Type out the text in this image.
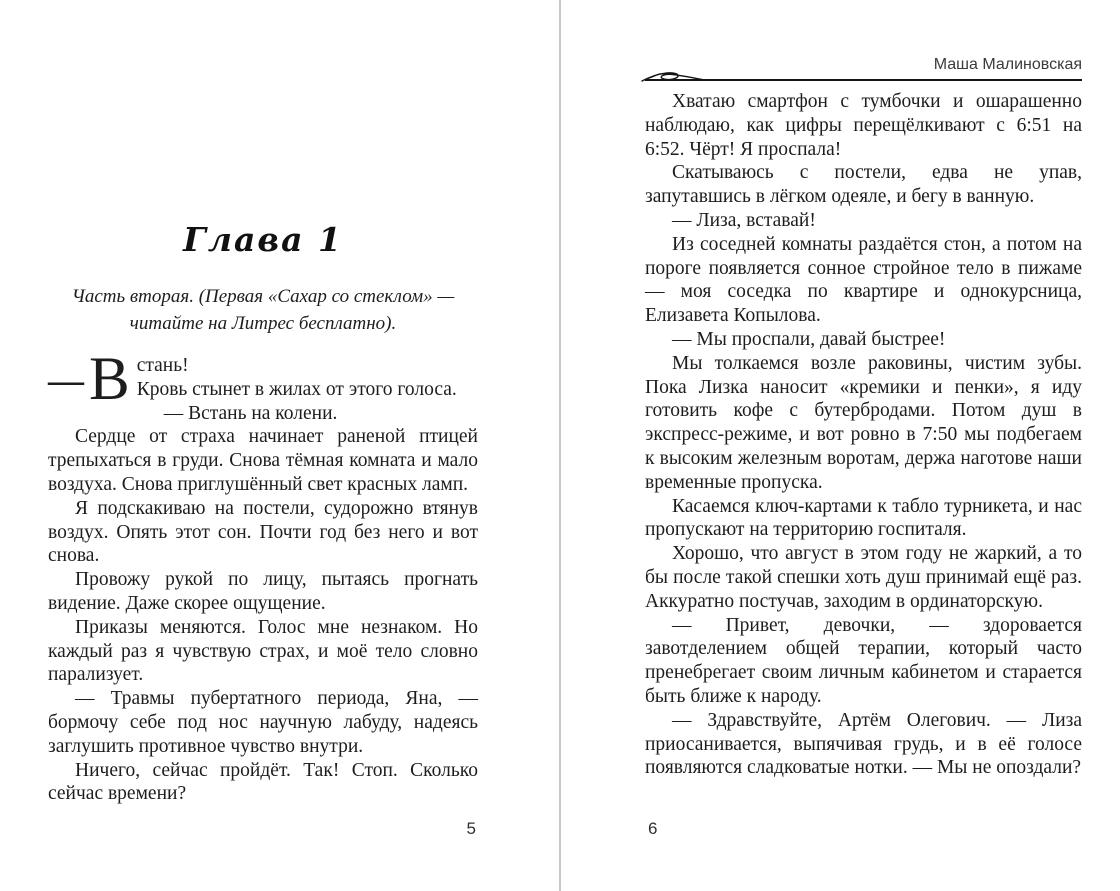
Глава 1
Часть вторая. (Первая «Сахар со стеклом» —
читайте на Литрес бесплатно).
— В стань!
Кровь стынет в жилах от этого голоса.

— Встань на колени.

Сердце от страха начинает раненой птицей трепыхаться в груди. Снова тёмная комната и мало воздуха. Снова приглушённый свет красных ламп.

Я подскакиваю на постели, судорожно втянув воздух. Опять этот сон. Почти год без него и вот снова.

Провожу рукой по лицу, пытаясь прогнать видение. Даже скорее ощущение.

Приказы меняются. Голос мне незнаком. Но каждый раз я чувствую страх, и моё тело словно парализует.

— Травмы пубертатного периода, Яна, — бормочу себе под нос научную лабуду, надеясь заглушить противное чувство внутри.

Ничего, сейчас пройдёт. Так! Стоп. Сколько сейчас времени?

5
Маша Малиновская

Хватаю смартфон с тумбочки и ошарашенно наблюдаю, как цифры перещёлкивают с 6:51 на 6:52. Чёрт! Я проспала!

Скатываюсь с постели, едва не упав, запутавшись в лёгком одеяле, и бегу в ванную.

— Лиза, вставай!

Из соседней комнаты раздаётся стон, а потом на пороге появляется сонное стройное тело в пижаме — моя соседка по квартире и однокурсница, Елизавета Копылова.

— Мы проспали, давай быстрее!

Мы толкаемся возле раковины, чистим зубы. Пока Лизка наносит «кремики и пенки», я иду готовить кофе с бутербродами. Потом душ в экспресс-режиме, и вот ровно в 7:50 мы подбегаем к высоким железным воротам, держа наготове наши временные пропуска.

Касаемся ключ-картами к табло турникета, и нас пропускают на территорию госпиталя.

Хорошо, что август в этом году не жаркий, а то бы после такой спешки хоть душ принимай ещё раз. Аккуратно постучав, заходим в ординаторскую.

— Привет, девочки, — здоровается завотделением общей терапии, который часто пренебрегает своим личным кабинетом и старается быть ближе к народу.

— Здравствуйте, Артём Олегович. — Лиза приосанивается, выпячивая грудь, и в её голосе появляются сладковатые нотки. — Мы не опоздали?

6
